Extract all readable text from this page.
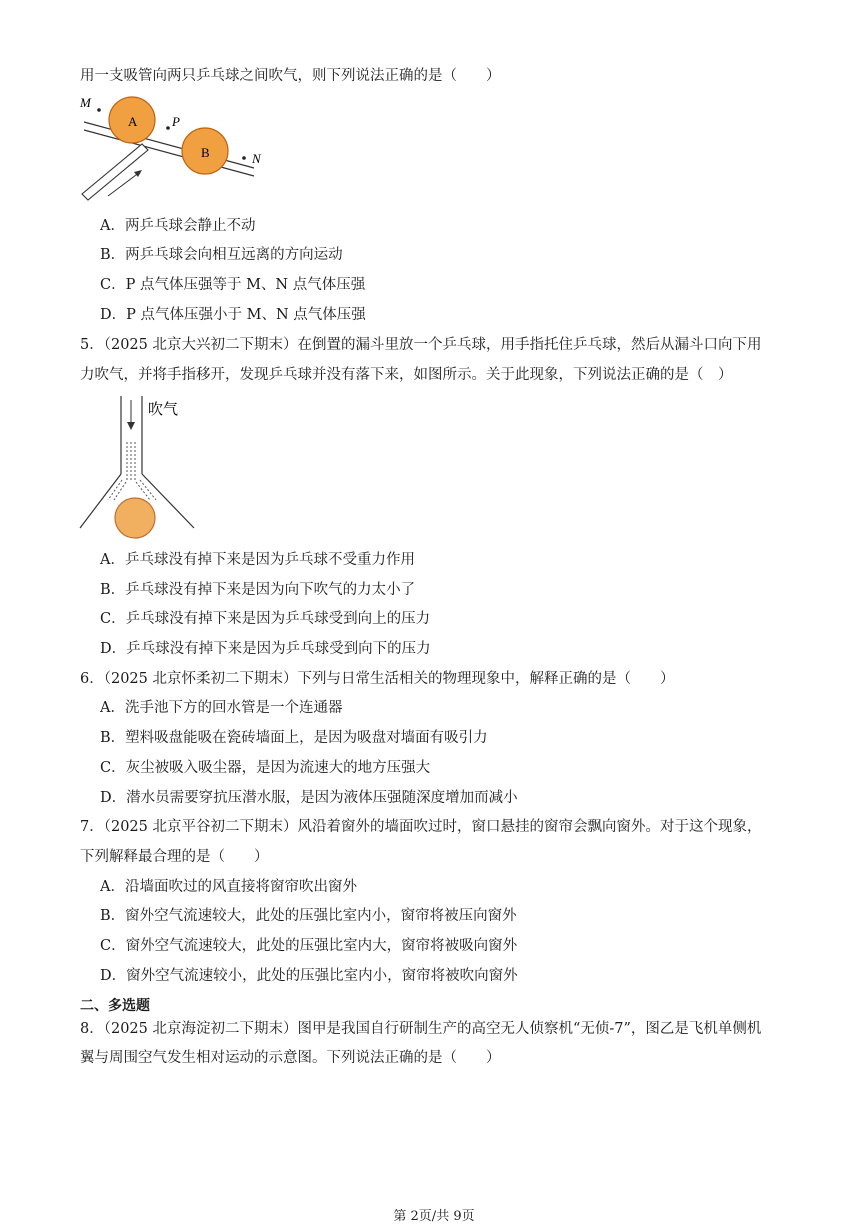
用一支吸管向两只乒乓球之间吹气，则下列说法正确的是（　　）
A
B
M
P
N
A．两乒乓球会静止不动
B．两乒乓球会向相互远离的方向运动
C．P 点气体压强等于 M、N 点气体压强
D．P 点气体压强小于 M、N 点气体压强
5．（2025 北京大兴初二下期末）在倒置的漏斗里放一个乒乓球，用手指托住乒乓球，然后从漏斗口向下用
力吹气，并将手指移开，发现乒乓球并没有落下来，如图所示。关于此现象，下列说法正确的是（　）
吹气
A．乒乓球没有掉下来是因为乒乓球不受重力作用
B．乒乓球没有掉下来是因为向下吹气的力太小了
C．乒乓球没有掉下来是因为乒乓球受到向上的压力
D．乒乓球没有掉下来是因为乒乓球受到向下的压力
6．（2025 北京怀柔初二下期末）下列与日常生活相关的物理现象中，解释正确的是（　　）
A．洗手池下方的回水管是一个连通器
B．塑料吸盘能吸在瓷砖墙面上，是因为吸盘对墙面有吸引力
C．灰尘被吸入吸尘器，是因为流速大的地方压强大
D．潜水员需要穿抗压潜水服，是因为液体压强随深度增加而减小
7．（2025 北京平谷初二下期末）风沿着窗外的墙面吹过时，窗口悬挂的窗帘会飘向窗外。对于这个现象，
下列解释最合理的是（　　）
A．沿墙面吹过的风直接将窗帘吹出窗外
B．窗外空气流速较大，此处的压强比室内小，窗帘将被压向窗外
C．窗外空气流速较大，此处的压强比室内大，窗帘将被吸向窗外
D．窗外空气流速较小，此处的压强比室内小，窗帘将被吹向窗外
二、多选题
8．（2025 北京海淀初二下期末）图甲是我国自行研制生产的高空无人侦察机“无侦-7”，图乙是飞机单侧机
翼与周围空气发生相对运动的示意图。下列说法正确的是（　　）
第 2页/共 9页
